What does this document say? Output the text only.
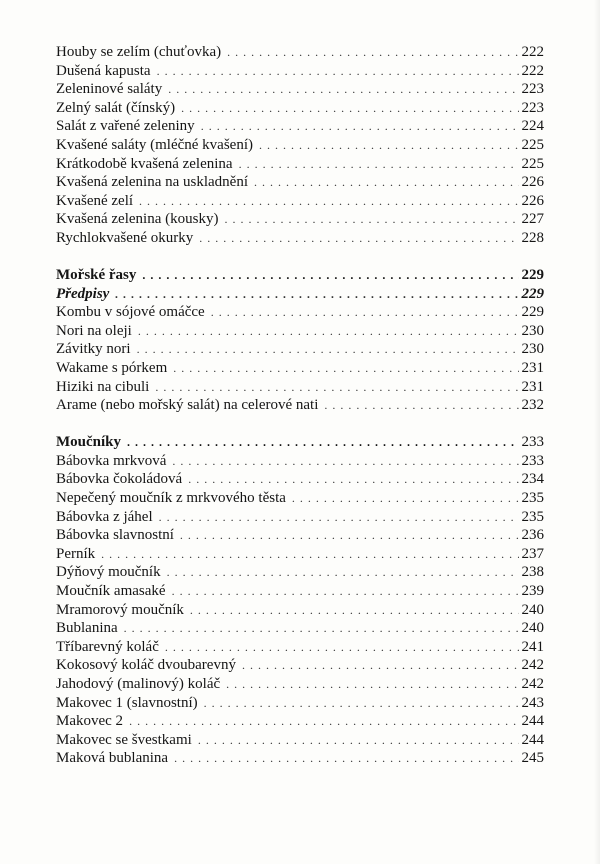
Houby se zelím (chuťovka) . . .	222
Dušená kapusta . . .	222
Zeleninové saláty . . .	223
Zelný salát (čínský) . . .	223
Salát z vařené zeleniny . . .	224
Kvašené saláty (mléčné kvašení) . . .	225
Krátkodobě kvašená zelenina . . .	225
Kvašená zelenina na uskladnění . . .	226
Kvašené zelí . . .	226
Kvašená zelenina (kousky) . . .	227
Rychlokvašené okurky . . .	228
Mořské řasy . . .	229
Předpisy . . .	229
Kombu v sójové omáčce . . .	229
Nori na oleji . . .	230
Závitky nori . . .	230
Wakame s pórkem . . .	231
Hiziki na cibuli . . .	231
Arame (nebo mořský salát) na celerové nati . . .	232
Moučníky . . .	233
Bábovka mrkvová . . .	233
Bábovka čokoládová . . .	234
Nepečený moučník z mrkvového těsta . . .	235
Bábovka z jáhel . . .	235
Bábovka slavnostní . . .	236
Perník . . .	237
Dýňový moučník . . .	238
Moučník amasaké . . .	239
Mramorový moučník . . .	240
Bublanina . . .	240
Tříbarevný koláč . . .	241
Kokosový koláč dvoubarevný . . .	242
Jahodový (malinový) koláč . . .	242
Makovec 1 (slavnostní) . . .	243
Makovec 2 . . .	244
Makovec se švestkami . . .	244
Maková bublanina . . .	245
